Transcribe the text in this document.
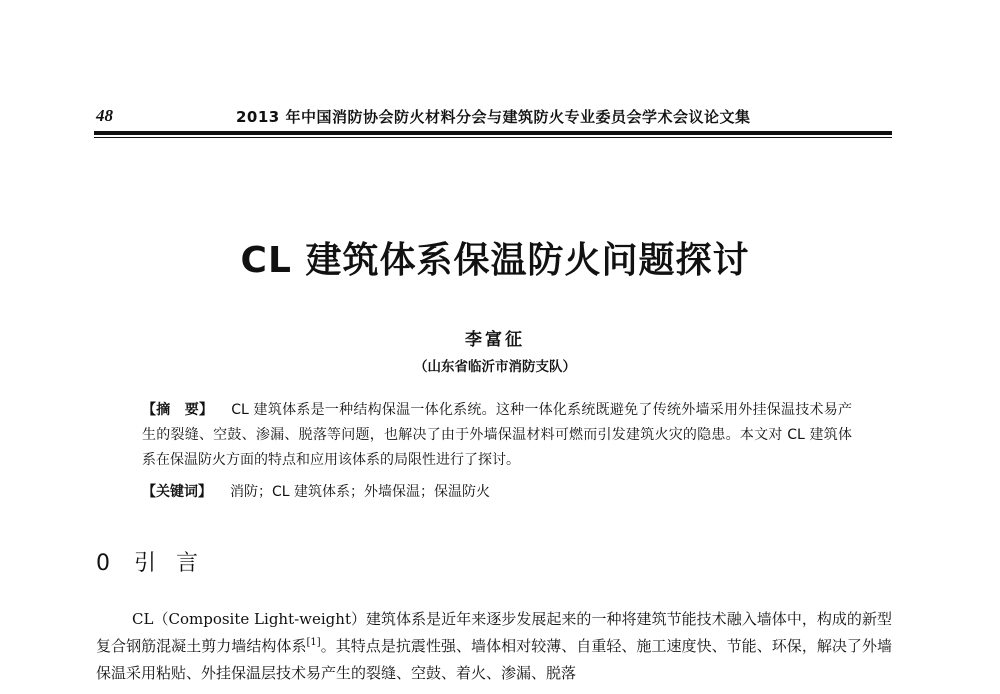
48	2013 年中国消防协会防火材料分会与建筑防火专业委员会学术会议论文集
CL 建筑体系保温防火问题探讨
李富征
（山东省临沂市消防支队）
【摘　要】 CL 建筑体系是一种结构保温一体化系统。这种一体化系统既避免了传统外墙采用外挂保温技术易产生的裂缝、空鼓、渗漏、脱落等问题，也解决了由于外墙保温材料可燃而引发建筑火灾的隐患。本文对 CL 建筑体系在保温防火方面的特点和应用该体系的局限性进行了探讨。
【关键词】 消防；CL 建筑体系；外墙保温；保温防火
0 引 言
CL（Composite Light-weight）建筑体系是近年来逐步发展起来的一种将建筑节能技术融入墙体中，构成的新型复合钢筋混凝土剪力墙结构体系[1]。其特点是抗震性强、墙体相对较薄、自重轻、施工速度快、节能、环保，解决了外墙保温采用粘贴、外挂保温层技术易产生的裂缝、空鼓、着火、渗漏、脱落
